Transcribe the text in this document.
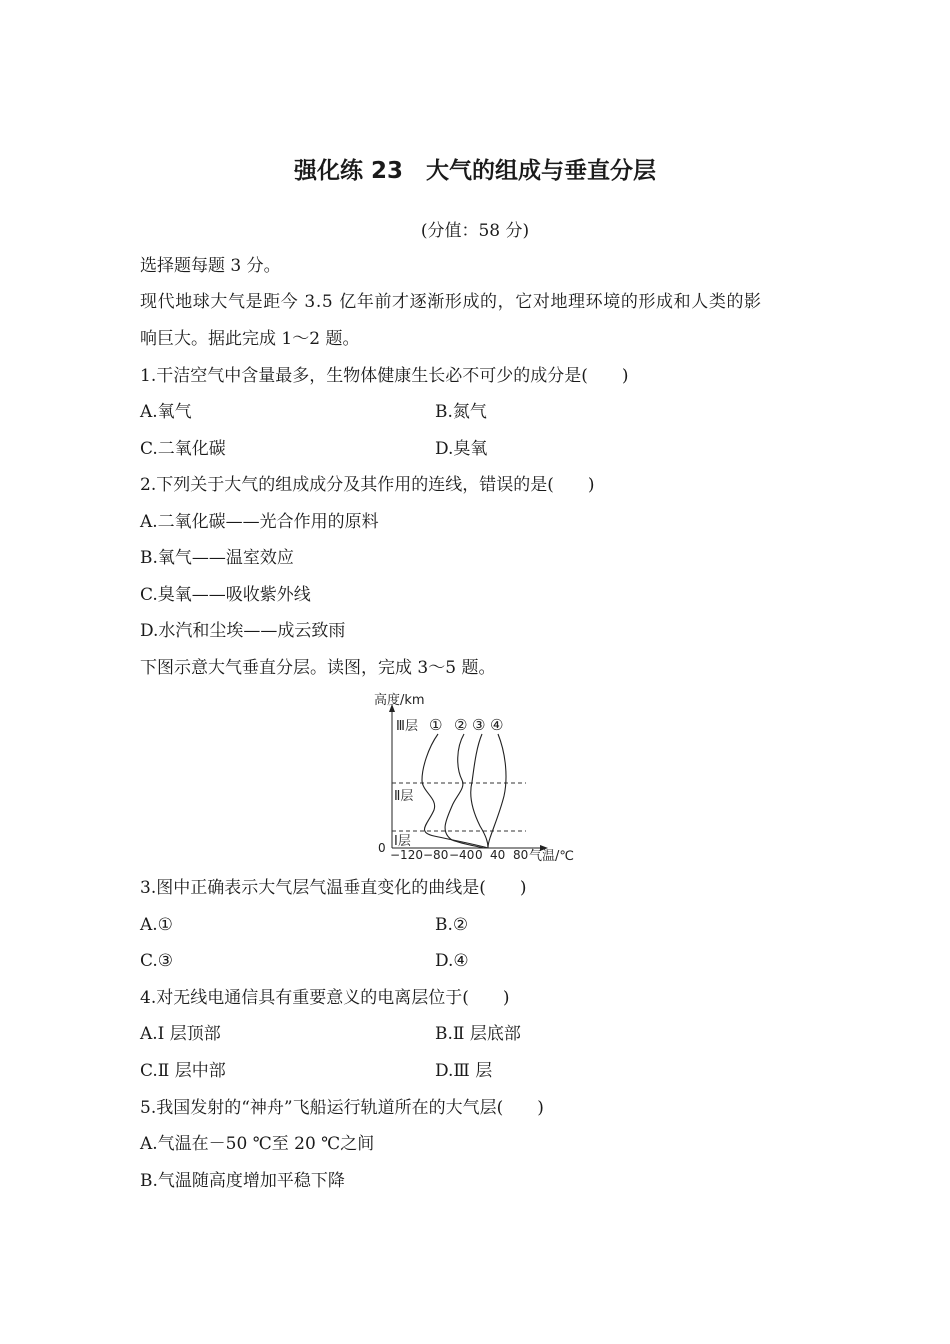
强化练 23　大气的组成与垂直分层
(分值：58 分)
选择题每题 3 分。
现代地球大气是距今 3.5 亿年前才逐渐形成的，它对地理环境的形成和人类的影
响巨大。据此完成 1～2 题。
1.干洁空气中含量最多，生物体健康生长必不可少的成分是(　　)
A.氧气	B.氮气
C.二氧化碳	D.臭氧
2.下列关于大气的组成成分及其作用的连线，错误的是(　　)
A.二氧化碳——光合作用的原料
B.氧气——温室效应
C.臭氧——吸收紫外线
D.水汽和尘埃——成云致雨
下图示意大气垂直分层。读图，完成 3～5 题。
高度/km
气温/℃
0
Ⅲ层
Ⅱ层
Ⅰ层
−120 −80 −40 0 40 80
① ② ③ ④
3.图中正确表示大气层气温垂直变化的曲线是(　　)
A.①	B.②
C.③	D.④
4.对无线电通信具有重要意义的电离层位于(　　)
A.Ⅰ 层顶部	B.Ⅱ 层底部
C.Ⅱ 层中部	D.Ⅲ 层
5.我国发射的“神舟”飞船运行轨道所在的大气层(　　)
A.气温在－50 ℃至 20 ℃之间
B.气温随高度增加平稳下降
